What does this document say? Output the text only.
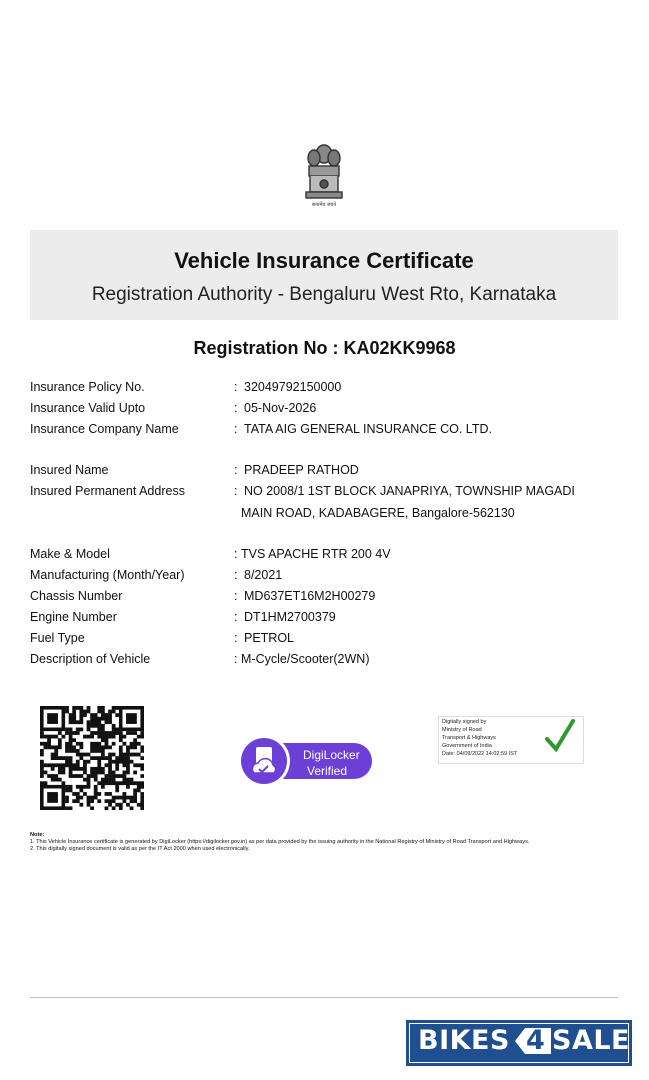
सत्यमेव जयते
Vehicle Insurance Certificate
Registration Authority - Bengaluru West Rto, Karnataka
Registration No : KA02KK9968
Insurance Policy No.	: 32049792150000
Insurance Valid Upto	: 05-Nov-2026
Insurance Company Name	: TATA AIG GENERAL INSURANCE CO. LTD.
Insured Name	: PRADEEP RATHOD
Insured Permanent Address	: NO 2008/1 1ST BLOCK JANAPRIYA, TOWNSHIP MAGADI
MAIN ROAD, KADABAGERE, Bangalore-562130
Make & Model	: TVS APACHE RTR 200 4V
Manufacturing (Month/Year)	: 8/2021
Chassis Number	: MD637ET16M2H00279
Engine Number	: DT1HM2700379
Fuel Type	: PETROL
Description of Vehicle	: M-Cycle/Scooter(2WN)
DigiLocker
Verified
Digitally signed by
Ministry of Road
Transport & Highways
Government of India
Date: 04/09/2022 14:02:59 IST
Note:
1. This Vehicle Insurance certificate is generated by DigiLocker (https://digilocker.gov.in) as per data provided by the issuing authority in the National Registry of Ministry of Road Transport and Highways.
2. This digitally signed document is valid as per the IT Act 2000 when used electronically.
BIKES 4 SALE
